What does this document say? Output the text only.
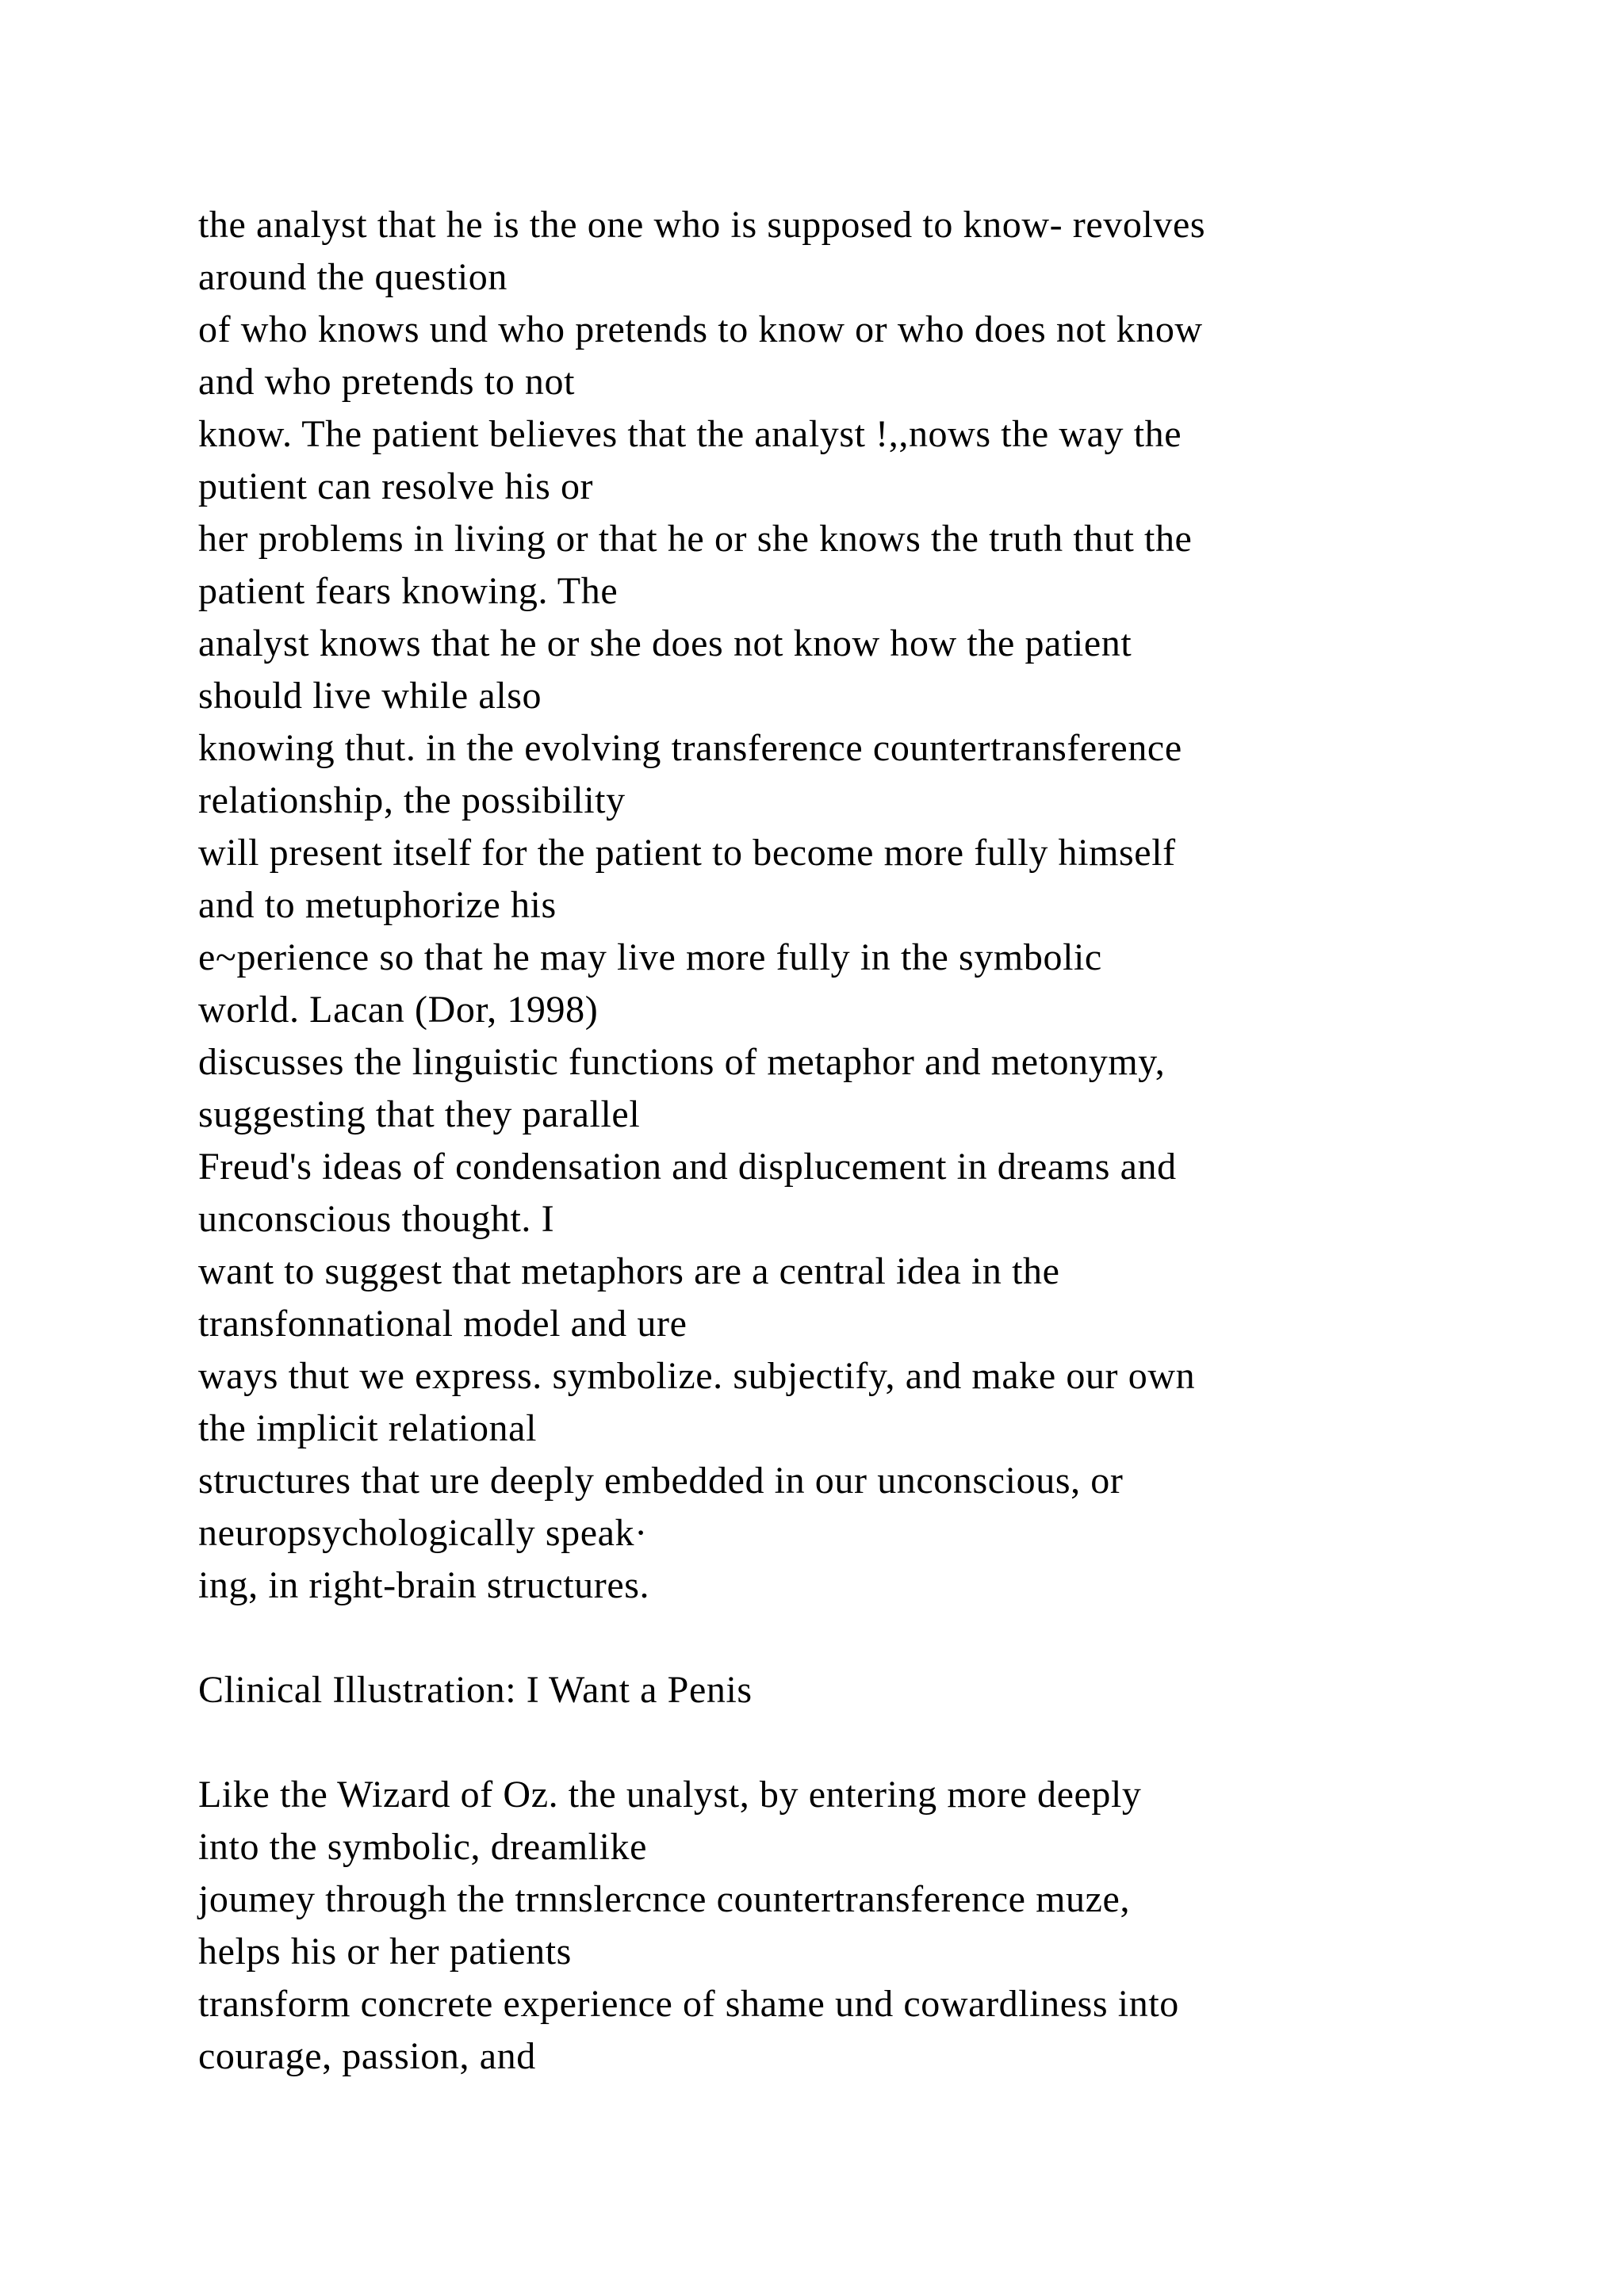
the analyst that he is the one who is supposed to know- revolves
around the question
of who knows und who pretends to know or who does not know
and who pretends to not
know. The patient believes that the analyst !,,nows the way the
putient can resolve his or
her problems in living or that he or she knows the truth thut the
patient fears knowing. The
analyst knows that he or she does not know how the patient
should live while also
knowing thut. in the evolving transference countertransference
relationship, the possibility
will present itself for the patient to become more fully himself
and to metuphorize his
e~perience so that he may live more fully in the symbolic
world. Lacan (Dor, 1998)
discusses the linguistic functions of metaphor and metonymy,
suggesting that they parallel
Freud's ideas of condensation and displucement in dreams and
unconscious thought. I
want to suggest that metaphors are a central idea in the
transfonnational model and ure
ways thut we express. symbolize. subjectify, and make our own
the implicit relational
structures that ure deeply embedded in our unconscious, or
neuropsychologically speak·
ing, in right-brain structures.
Clinical Illustration: I Want a Penis
Like the Wizard of Oz. the unalyst, by entering more deeply
into the symbolic, dreamlike
joumey through the trnnslercnce countertransference muze,
helps his or her patients
transform concrete experience of shame und cowardliness into
courage, passion, and
